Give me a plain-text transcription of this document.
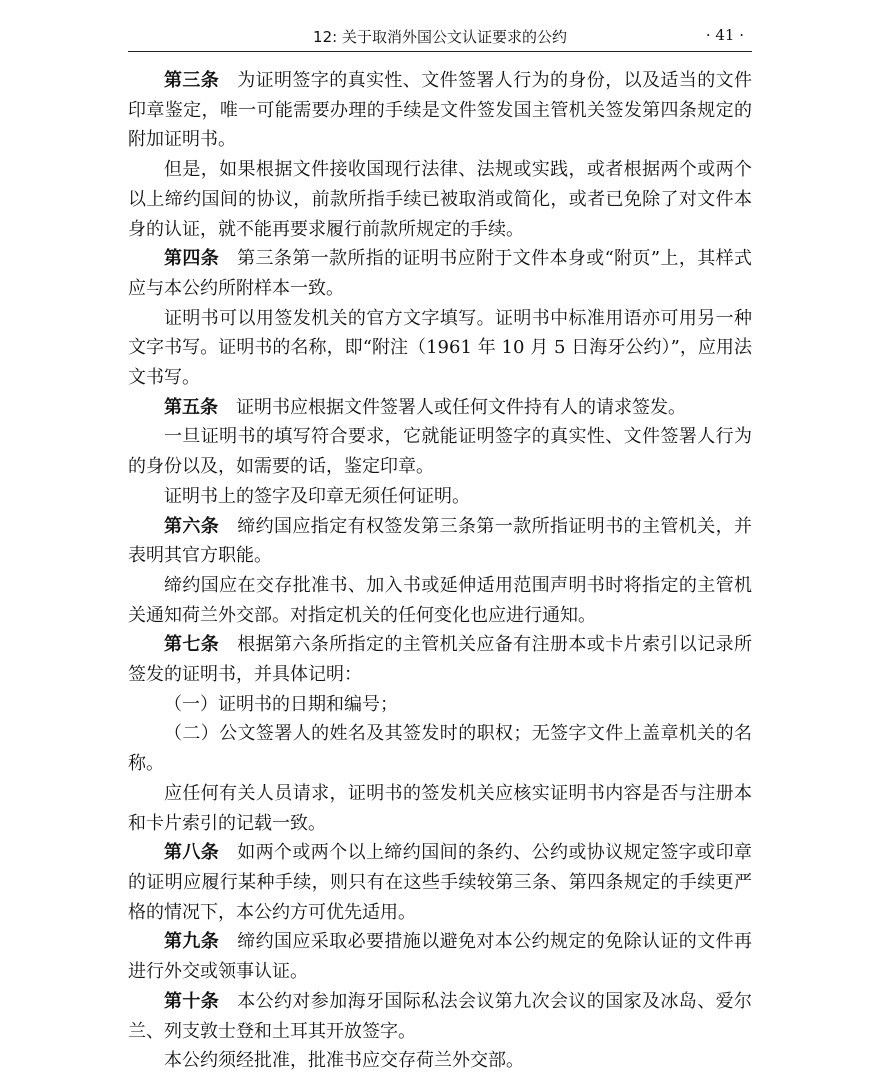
12: 关于取消外国公文认证要求的公约	· 41 ·

第三条 为证明签字的真实性、文件签署人行为的身份，以及适当的文件印章鉴定，唯一可能需要办理的手续是文件签发国主管机关签发第四条规定的附加证明书。

但是，如果根据文件接收国现行法律、法规或实践，或者根据两个或两个以上缔约国间的协议，前款所指手续已被取消或简化，或者已免除了对文件本身的认证，就不能再要求履行前款所规定的手续。

第四条 第三条第一款所指的证明书应附于文件本身或“附页”上，其样式应与本公约所附样本一致。

证明书可以用签发机关的官方文字填写。证明书中标准用语亦可用另一种文字书写。证明书的名称，即“附注（1961 年 10 月 5 日海牙公约）”，应用法文书写。

第五条 证明书应根据文件签署人或任何文件持有人的请求签发。

一旦证明书的填写符合要求，它就能证明签字的真实性、文件签署人行为的身份以及，如需要的话，鉴定印章。

证明书上的签字及印章无须任何证明。

第六条 缔约国应指定有权签发第三条第一款所指证明书的主管机关，并表明其官方职能。

缔约国应在交存批准书、加入书或延伸适用范围声明书时将指定的主管机关通知荷兰外交部。对指定机关的任何变化也应进行通知。

第七条 根据第六条所指定的主管机关应备有注册本或卡片索引以记录所签发的证明书，并具体记明：

（一）证明书的日期和编号；

（二）公文签署人的姓名及其签发时的职权；无签字文件上盖章机关的名称。

应任何有关人员请求，证明书的签发机关应核实证明书内容是否与注册本和卡片索引的记载一致。

第八条 如两个或两个以上缔约国间的条约、公约或协议规定签字或印章的证明应履行某种手续，则只有在这些手续较第三条、第四条规定的手续更严格的情况下，本公约方可优先适用。

第九条 缔约国应采取必要措施以避免对本公约规定的免除认证的文件再进行外交或领事认证。

第十条 本公约对参加海牙国际私法会议第九次会议的国家及冰岛、爱尔兰、列支敦士登和土耳其开放签字。

本公约须经批准，批准书应交存荷兰外交部。
